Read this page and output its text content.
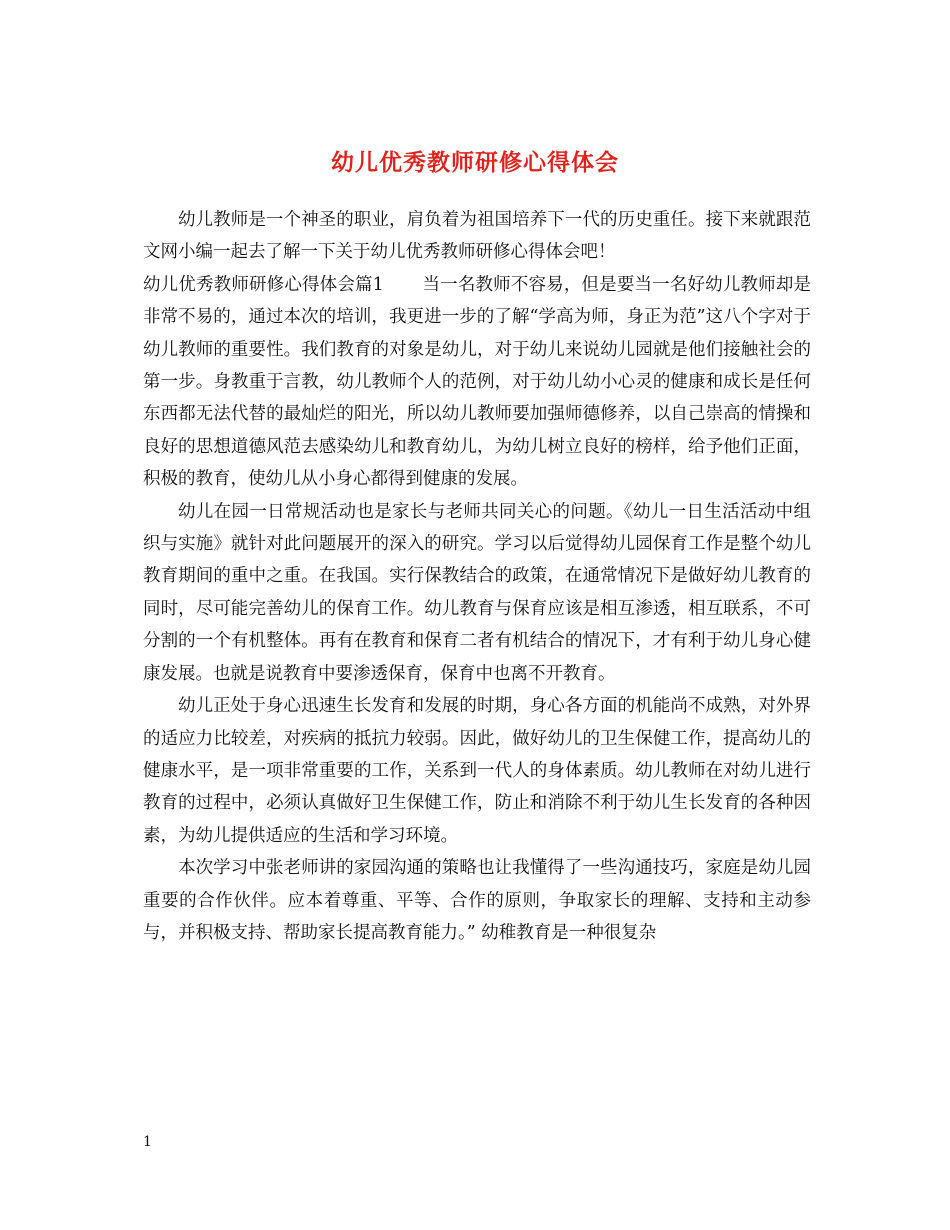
幼儿优秀教师研修心得体会

幼儿教师是一个神圣的职业，肩负着为祖国培养下一代的历史重任。接下来就跟范文网小编一起去了解一下关于幼儿优秀教师研修心得体会吧！

幼儿优秀教师研修心得体会篇1 当一名教师不容易，但是要当一名好幼儿教师却是非常不易的，通过本次的培训，我更进一步的了解“学高为师，身正为范”这八个字对于幼儿教师的重要性。我们教育的对象是幼儿，对于幼儿来说幼儿园就是他们接触社会的第一步。身教重于言教，幼儿教师个人的范例，对于幼儿幼小心灵的健康和成长是任何东西都无法代替的最灿烂的阳光，所以幼儿教师要加强师德修养，以自己崇高的情操和良好的思想道德风范去感染幼儿和教育幼儿，为幼儿树立良好的榜样，给予他们正面，积极的教育，使幼儿从小身心都得到健康的发展。

幼儿在园一日常规活动也是家长与老师共同关心的问题。《幼儿一日生活活动中组织与实施》就针对此问题展开的深入的研究。学习以后觉得幼儿园保育工作是整个幼儿教育期间的重中之重。在我国。实行保教结合的政策，在通常情况下是做好幼儿教育的同时，尽可能完善幼儿的保育工作。幼儿教育与保育应该是相互渗透，相互联系，不可分割的一个有机整体。再有在教育和保育二者有机结合的情况下，才有利于幼儿身心健康发展。也就是说教育中要渗透保育，保育中也离不开教育。

幼儿正处于身心迅速生长发育和发展的时期，身心各方面的机能尚不成熟，对外界的适应力比较差，对疾病的抵抗力较弱。因此，做好幼儿的卫生保健工作，提高幼儿的健康水平，是一项非常重要的工作，关系到一代人的身体素质。幼儿教师在对幼儿进行教育的过程中，必须认真做好卫生保健工作，防止和消除不利于幼儿生长发育的各种因素，为幼儿提供适应的生活和学习环境。

本次学习中张老师讲的家园沟通的策略也让我懂得了一些沟通技巧，家庭是幼儿园重要的合作伙伴。应本着尊重、平等、合作的原则，争取家长的理解、支持和主动参与，并积极支持、帮助家长提高教育能力。” 幼稚教育是一种很复杂

1
